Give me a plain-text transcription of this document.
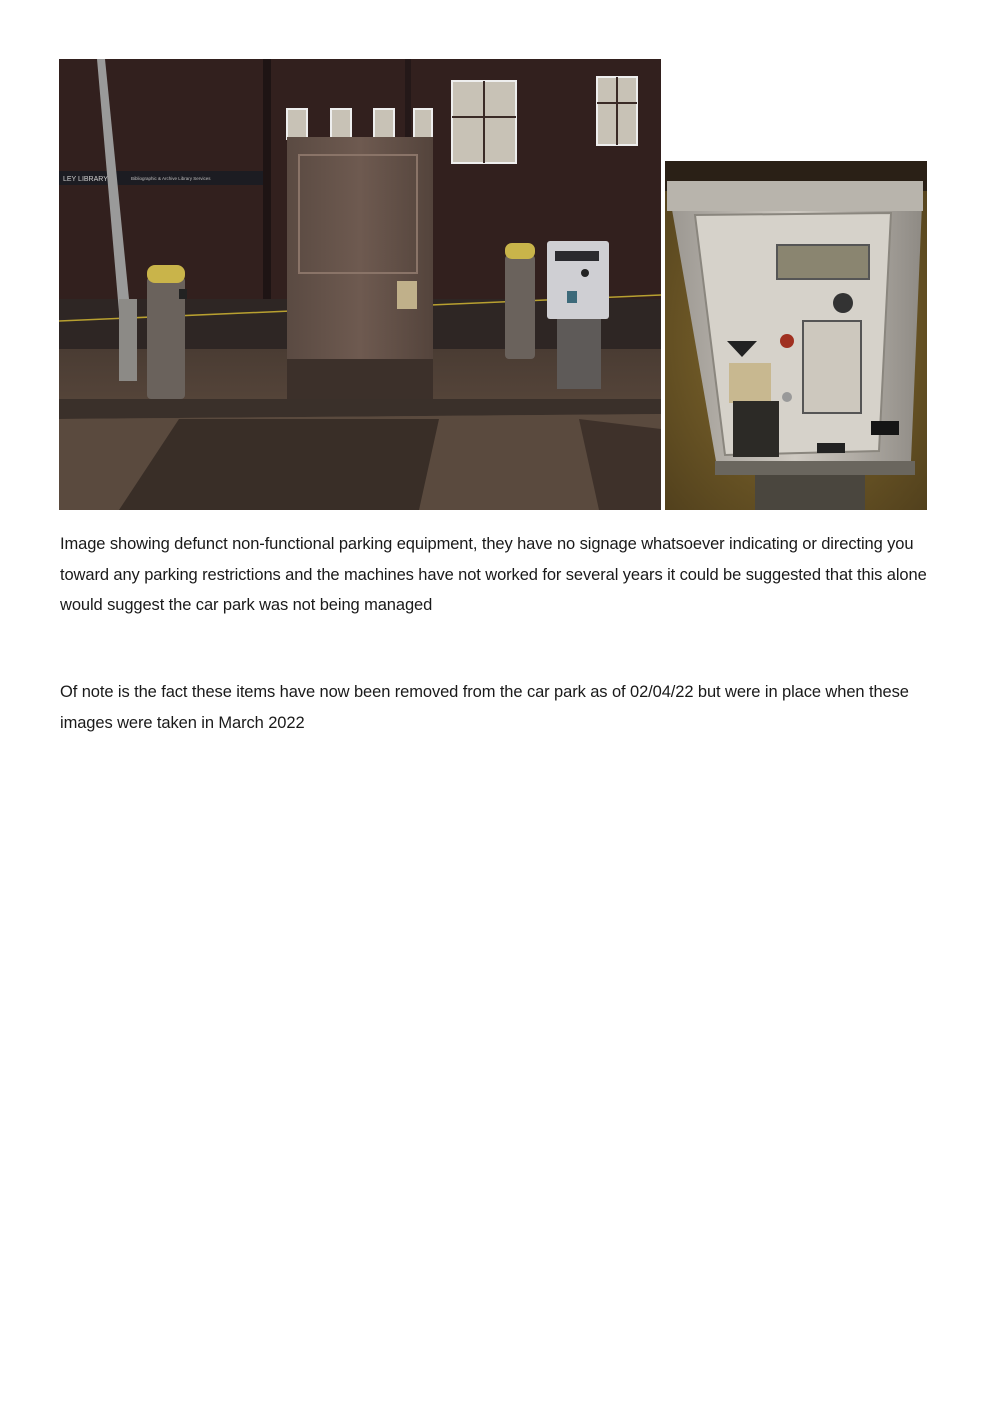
LEY LIBRARY	Bibliographic & Archive Library Services

Image showing defunct non-functional parking equipment, they have no signage whatsoever indicating or directing you toward any parking restrictions and the machines have not worked for several years it could be suggested that this alone would suggest the car park was not being managed

Of note is the fact these items have now been removed from the car park as of 02/04/22 but were in place when these images were taken in March 2022
